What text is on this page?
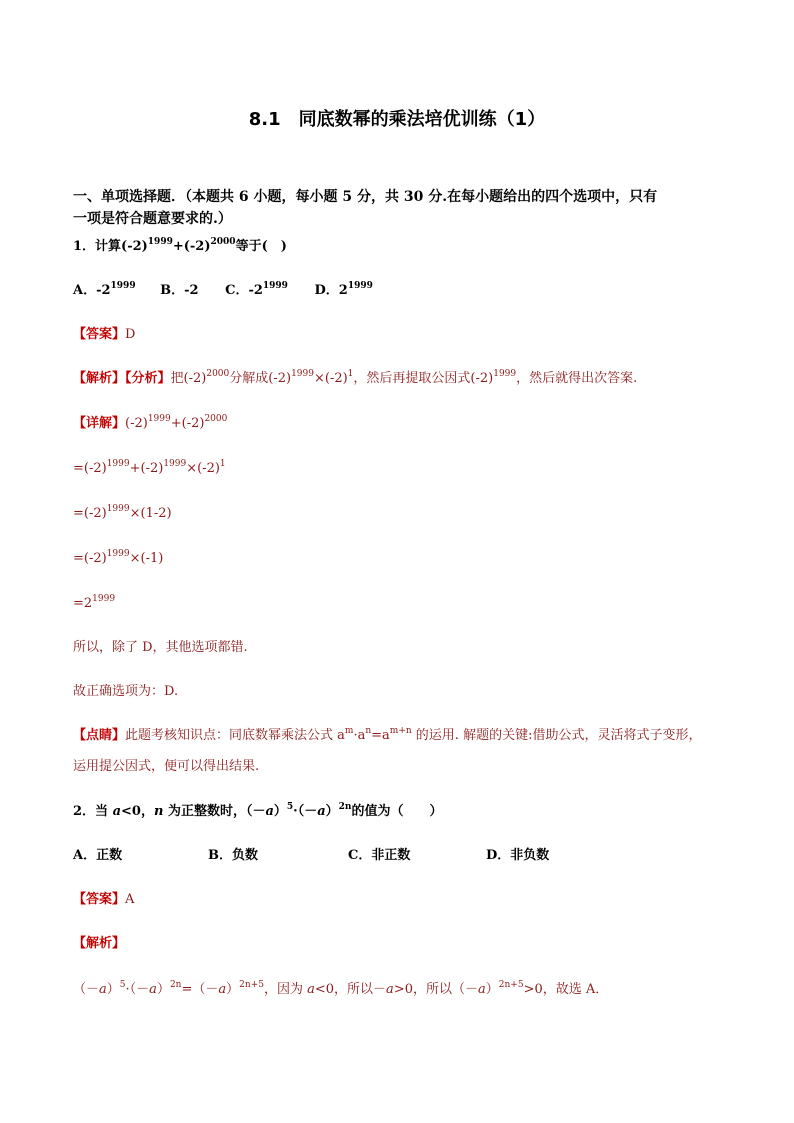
8.1　同底数幂的乘法培优训练（1）
一、单项选择题．（本题共 6 小题，每小题 5 分，共 30 分.在每小题给出的四个选项中，只有
一项是符合题意要求的.）
1．计算$(-2)^{1999}+(-2)^{2000}$等于(　)
A．$-2^{1999}$ B．-2 C．$-2^{1999}$ D．$2^{1999}$
【答案】D
【解析】【分析】把$(-2)^{2000}$分解成$(-2)^{1999}\times(-2)^1$，然后再提取公因式$(-2)^{1999}$，然后就得出次答案.
【详解】$(-2)^{1999}+(-2)^{2000}$
$=(-2)^{1999}+(-2)^{1999}\times(-2)^1$
$=(-2)^{1999}\times(1-2)$
$=(-2)^{1999}\times(-1)$
$=2^{1999}$
所以，除了 D，其他选项都错.
故正确选项为：D.
【点睛】此题考核知识点：同底数幂乘法公式 $a^m\cdot a^n=a^{m+n}$ 的运用. 解题的关键:借助公式，灵活将式子变形，
运用提公因式，便可以得出结果.
2．当 a<0，n 为正整数时，$(-a)^5\cdot(-a)^{2n}$的值为（　　）
A．正数	B．负数	C．非正数	D．非负数
【答案】A
【解析】
$(-a)^5\cdot(-a)^{2n}=(-a)^{2n+5}$，因为 a<0，所以－a>0，所以$(-a)^{2n+5}>0$，故选 A．
